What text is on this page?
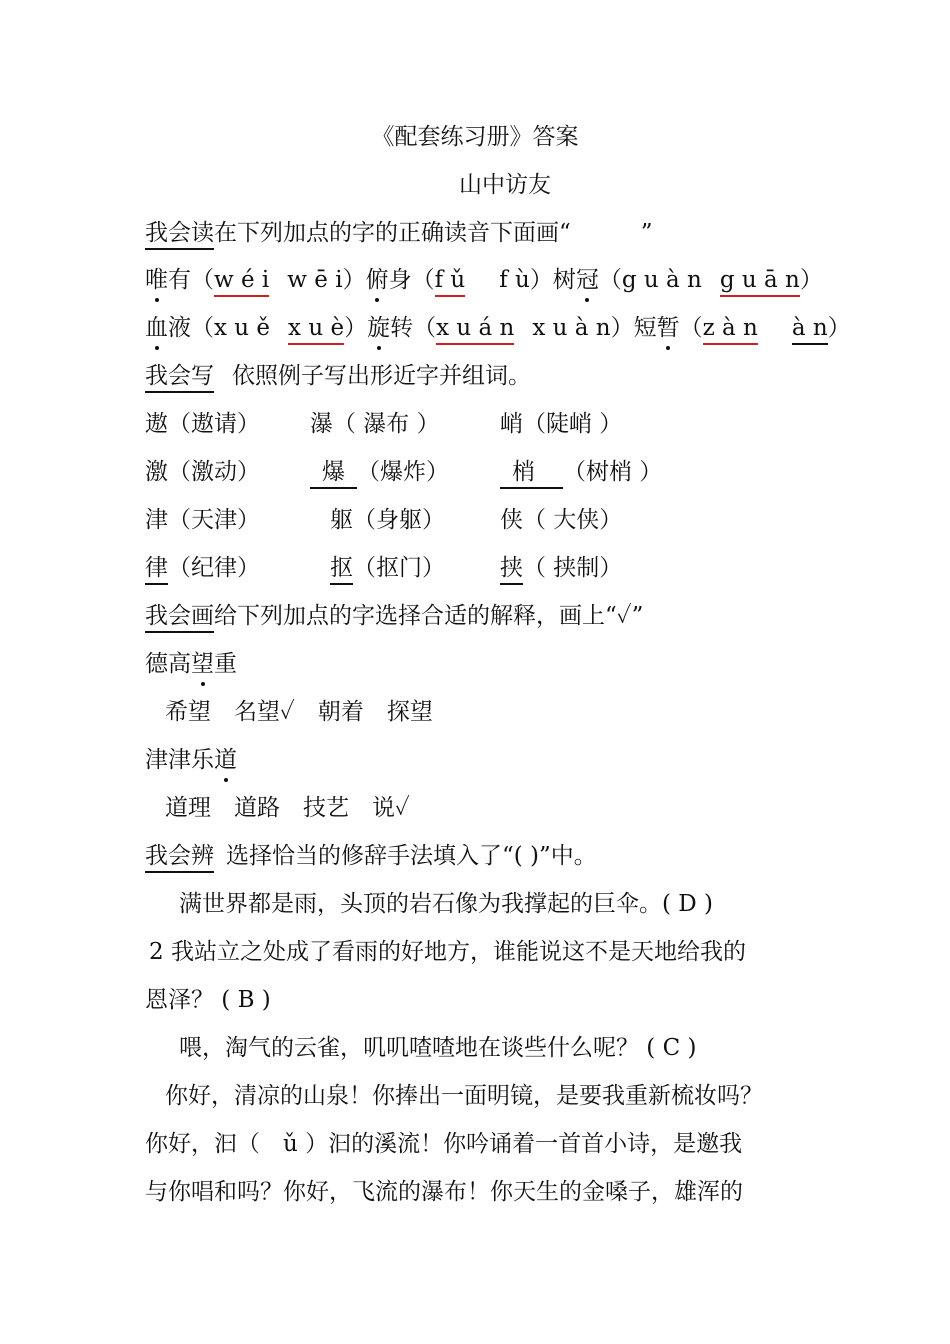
《配套练习册》答案
山中访友
我会读在下列加点的字的正确读音下面画“	”
唯有（w é i w ē i）俯身（f ǔ f ù）树冠（g u à n g u ā n）
血液（x u ě x u è）旋转（x u á n x u à n）短暂（z à n à n）
我会写 依照例子写出形近字并组词。
遨（遨请） 瀑（ 瀑布 ）	峭（陡峭 ）
激（激动）	爆 （爆炸）	梢 （树梢 ）
津（天津）	躯（身躯） 侠（ 大侠）
律（纪律）	抠（抠门） 挟（ 挟制）
我会画给下列加点的字选择合适的解释，画上“✓”
德高望重
希望　名望✓　朝着　探望
津津乐道
道理　道路　技艺　说✓
我会辨 选择恰当的修辞手法填入了“( )”中。
满世界都是雨，头顶的岩石像为我撑起的巨伞。( D )
2 我站立之处成了看雨的好地方，谁能说这不是天地给我的
恩泽？ ( B )
喂，淘气的云雀，叽叽喳喳地在谈些什么呢？ ( C )
你好，清凉的山泉！你捧出一面明镜，是要我重新梳妆吗？
你好，汩（　ǔ ）汩的溪流！你吟诵着一首首小诗，是邀我
与你唱和吗？你好，飞流的瀑布！你天生的金嗓子，雄浑的
